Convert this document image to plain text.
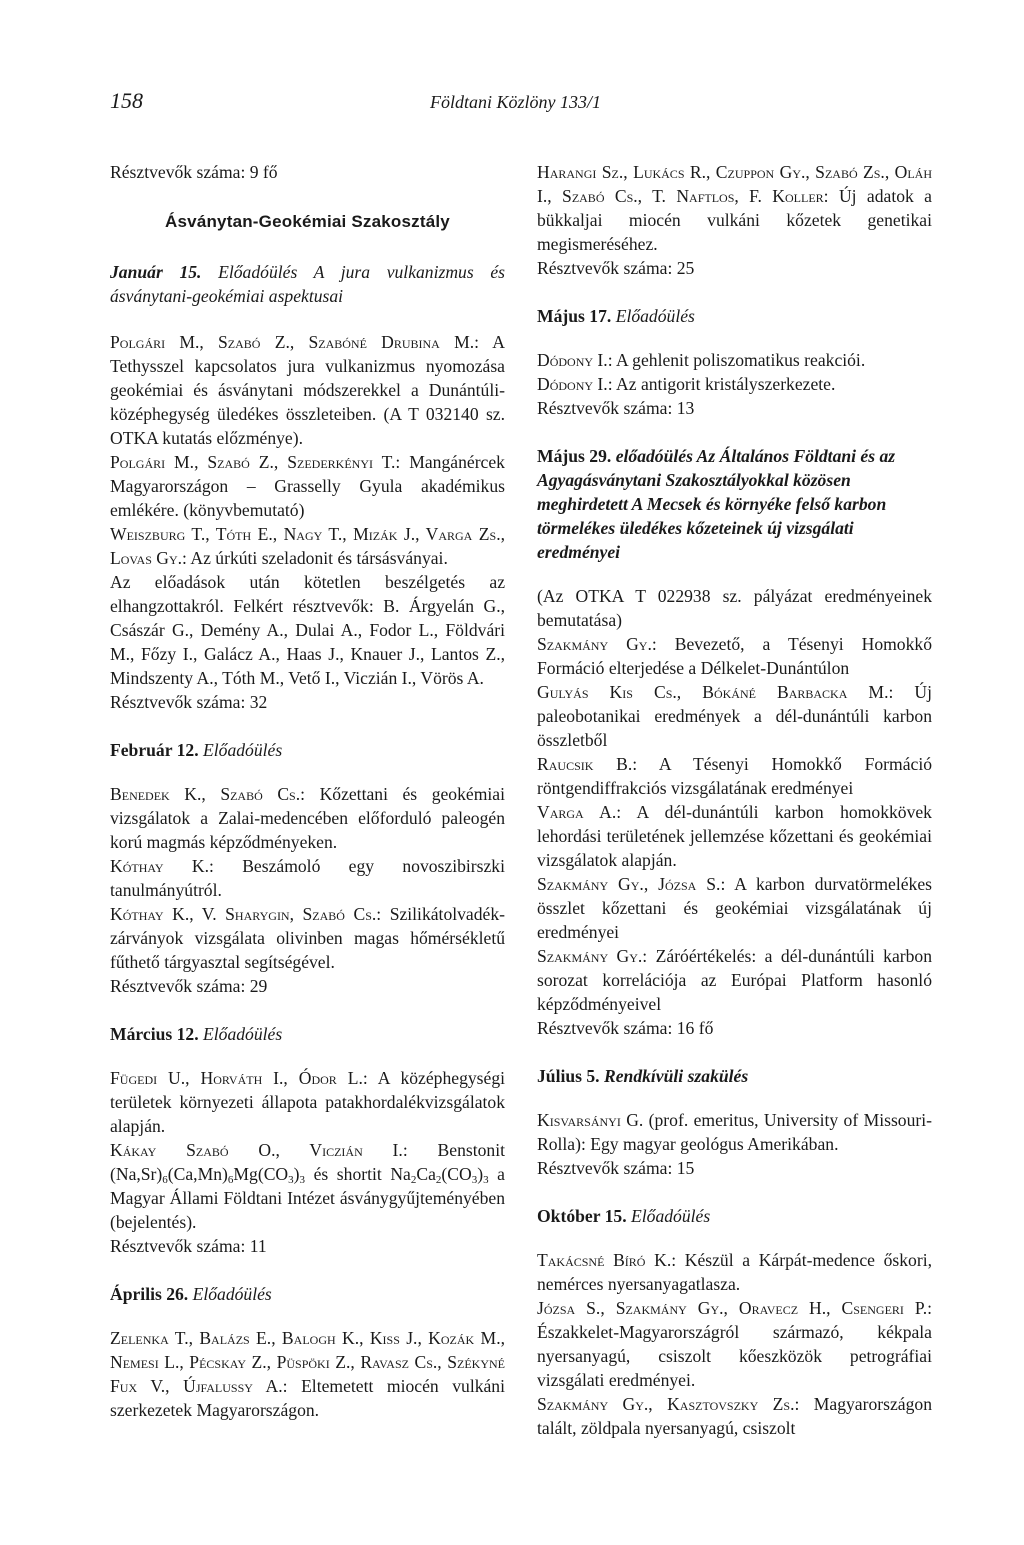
158	Földtani Közlöny 133/1

Résztvevők száma: 9 fő

Ásványtan-Geokémiai Szakosztály

Január 15. Előadóülés A jura vulkanizmus és ásványtani-geokémiai aspektusai

Polgári M., Szabó Z., Szabóné Drubina M.: A Tethysszel kapcsolatos jura vulkanizmus nyomozása geokémiai és ásványtani módszerekkel a Dunántúli-középhegység üledékes összleteiben. (A T 032140 sz. OTKA kutatás előzménye).

Polgári M., Szabó Z., Szederkényi T.: Mangánércek Magyarországon – Grasselly Gyula akadémikus emlékére. (könyvbemutató)

Weiszburg T., Tóth E., Nagy T., Mizák J., Varga Zs., Lovas Gy.: Az úrkúti szeladonit és társásványai.

Az előadások után kötetlen beszélgetés az elhangzottakról. Felkért résztvevők: B. Árgyelán G., Császár G., Demény A., Dulai A., Fodor L., Földvári M., Főzy I., Galácz A., Haas J., Knauer J., Lantos Z., Mindszenty A., Tóth M., Vető I., Viczián I., Vörös A.

Résztvevők száma: 32

Február 12. Előadóülés

Benedek K., Szabó Cs.: Kőzettani és geokémiai vizsgálatok a Zalai-medencében előforduló paleogén korú magmás képződményeken.

Kóthay K.: Beszámoló egy novoszibirszki tanulmányútról.

Kóthay K., V. Sharygin, Szabó Cs.: Szilikátolvadék-zárványok vizsgálata olivinben magas hőmérsékletű fűthető tárgyasztal segítségével.

Résztvevők száma: 29

Március 12. Előadóülés

Fügedi U., Horváth I., Ódor L.: A középhegységi területek környezeti állapota patakhordalékvizsgálatok alapján.

Kákay Szabó O., Viczián I.: Benstonit $(Na,Sr)_6(Ca,Mn)_6Mg(CO_3)_3$ és shortit $Na_2Ca_2(CO_3)_3$ a Magyar Állami Földtani Intézet ásványgyűjteményében (bejelentés).

Résztvevők száma: 11

Április 26. Előadóülés

Zelenka T., Balázs E., Balogh K., Kiss J., Kozák M., Nemesi L., Pécskay Z., Püspöki Z., Ravasz Cs., Székyné Fux V., Újfalussy A.: Eltemetett miocén vulkáni szerkezetek Magyarországon.

Harangi Sz., Lukács R., Czuppon Gy., Szabó Zs., Oláh I., Szabó Cs., T. Naftlos, F. Koller: Új adatok a bükkaljai miocén vulkáni kőzetek genetikai megismeréséhez.

Résztvevők száma: 25

Május 17. Előadóülés

Dódony I.: A gehlenit poliszomatikus reakciói.

Dódony I.: Az antigorit kristályszerkezete.

Résztvevők száma: 13

Május 29. előadóülés Az Általános Földtani és az Agyagásványtani Szakosztályokkal közösen meghirdetett A Mecsek és környéke felső karbon törmelékes üledékes kőzeteinek új vizsgálati eredményei

(Az OTKA T 022938 sz. pályázat eredményeinek bemutatása)

Szakmány Gy.: Bevezető, a Tésenyi Homokkő Formáció elterjedése a Délkelet-Dunántúlon

Gulyás Kis Cs., Bókáné Barbacka M.: Új paleobotanikai eredmények a dél-dunántúli karbon összletből

Raucsik B.: A Tésenyi Homokkő Formáció röntgendiffrakciós vizsgálatának eredményei

Varga A.: A dél-dunántúli karbon homokkövek lehordási területének jellemzése kőzettani és geokémiai vizsgálatok alapján.

Szakmány Gy., Józsa S.: A karbon durvatörmelékes összlet kőzettani és geokémiai vizsgálatának új eredményei

Szakmány Gy.: Záróértékelés: a dél-dunántúli karbon sorozat korrelációja az Európai Platform hasonló képződményeivel

Résztvevők száma: 16 fő

Július 5. Rendkívüli szakülés

Kisvarsányi G. (prof. emeritus, University of Missouri-Rolla): Egy magyar geológus Amerikában.

Résztvevők száma: 15

Október 15. Előadóülés

Takácsné Bíró K.: Készül a Kárpát-medence őskori, nemérces nyersanyagatlasza.

Józsa S., Szakmány Gy., Oravecz H., Csengeri P.: Északkelet-Magyarországról származó, kékpala nyersanyagú, csiszolt kőeszközök petrográfiai vizsgálati eredményei.

Szakmány Gy., Kasztovszky Zs.: Magyarországon talált, zöldpala nyersanyagú, csiszolt
